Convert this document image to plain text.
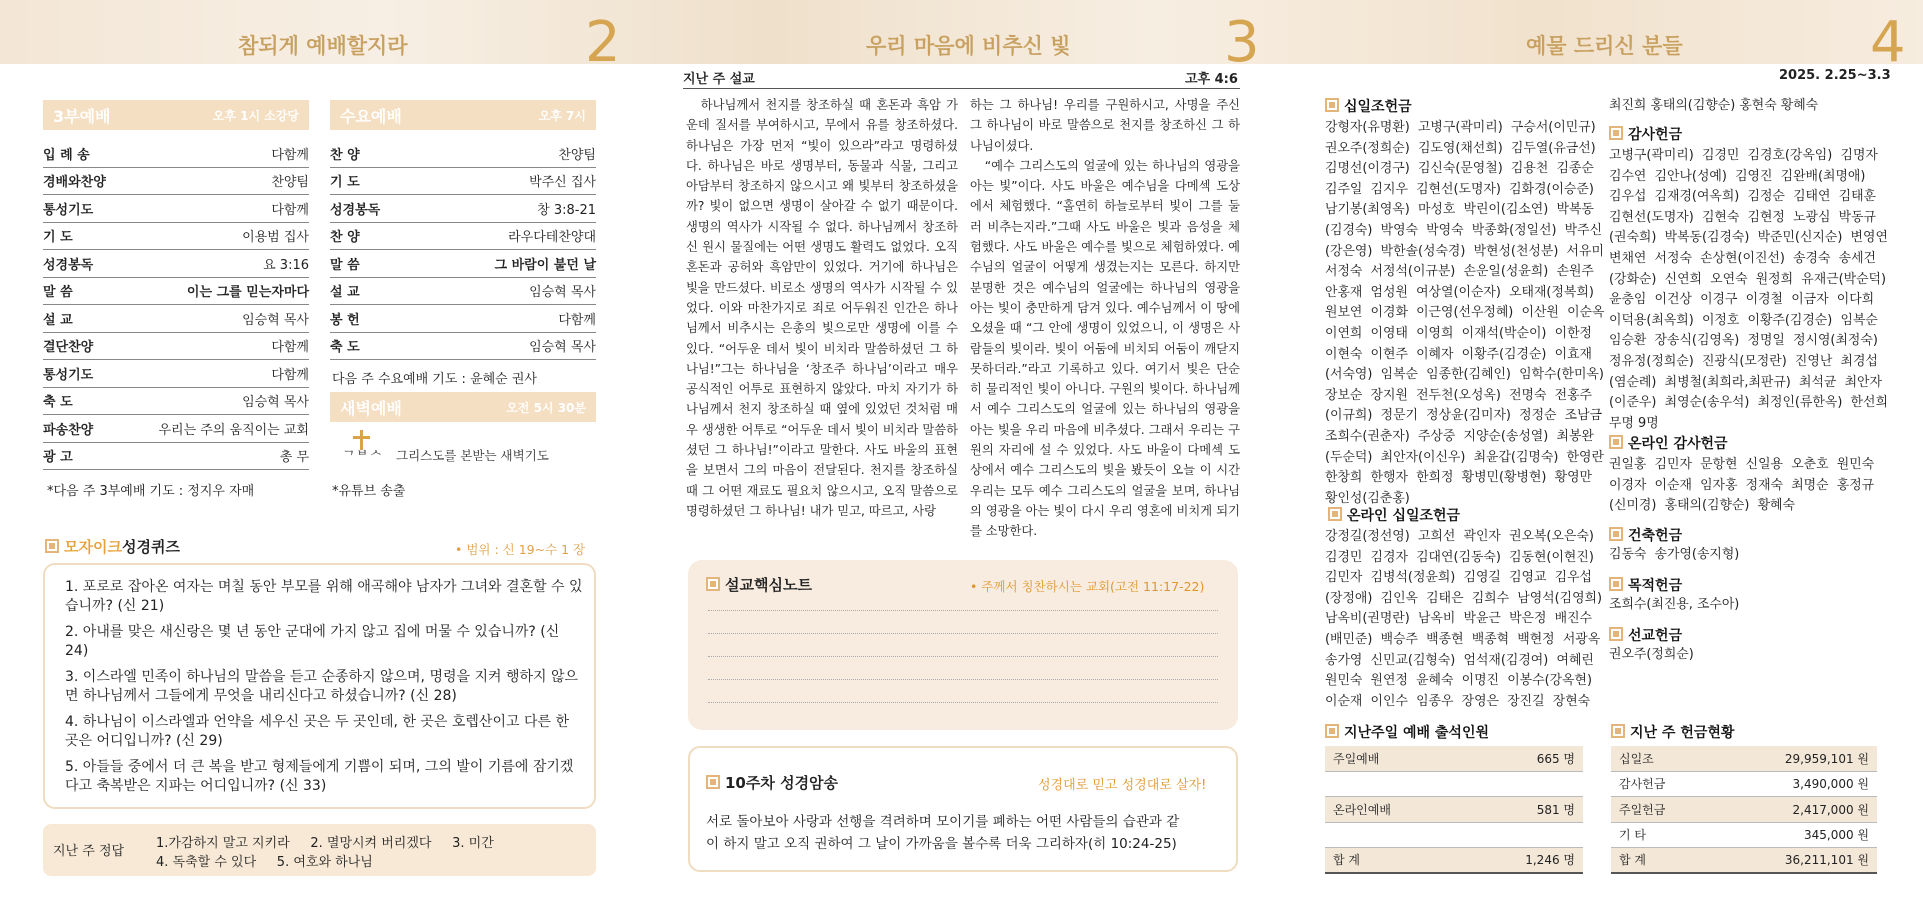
참되게 예배할지라	2	우리 마음에 비추신 빛	3	예물 드리신 분들	4
3부예배	오후 1시 소강당
입 례 송	다함께
경배와찬양	찬양팀
통성기도	다함께
기 도	이용범 집사
성경봉독	요 3:16
말 씀	이는 그를 믿는자마다
설 교	임승혁 목사
결단찬양	다함께
통성기도	다함께
축 도	임승혁 목사
파송찬양	우리는 주의 움직이는 교회
광 고	총 무
*다음 주 3부예배 기도 : 정지우 자매
수요예배	오후 7시
찬 양	찬양팀
기 도	박주신 집사
성경봉독	창 3:8-21
찬 양	라우다테찬양대
말 씀	그 바람이 불던 날
설 교	임승혁 목사
봉 헌	다함께
축 도	임승혁 목사
다음 주 수요예배 기도 : 윤혜순 권사
새벽예배	오전 5시 30분
ᄀᄇᄉ 그리스도를 본받는 새벽기도
*유튜브 송출
모자이크성경퀴즈	• 범위 : 신 19~수 1 장
1. 포로로 잡아온 여자는 며칠 동안 부모를 위해 애곡해야 남자가 그녀와 결혼할 수 있습니까? (신 21)
2. 아내를 맞은 새신랑은 몇 년 동안 군대에 가지 않고 집에 머물 수 있습니까? (신 24)
3. 이스라엘 민족이 하나님의 말씀을 듣고 순종하지 않으며, 명령을 지켜 행하지 않으면 하나님께서 그들에게 무엇을 내리신다고 하셨습니까? (신 28)
4. 하나님이 이스라엘과 언약을 세우신 곳은 두 곳인데, 한 곳은 호렙산이고 다른 한 곳은 어디입니까? (신 29)
5. 아들들 중에서 더 큰 복을 받고 형제들에게 기쁨이 되며, 그의 발이 기름에 잠기겠다고 축복받은 지파는 어디입니까? (신 33)
지난 주 정답
1.가감하지 말고 지키라     2. 멸망시켜 버리겠다     3. 미간
4. 독축할 수 있다     5. 여호와 하나님
지난 주 설교	고후 4:6

하나님께서 천지를 창조하실 때 혼돈과 흑암 가운데 질서를 부여하시고, 무에서 유를 창조하셨다. 하나님은 가장 먼저 “빛이 있으라”라고 명령하셨다. 하나님은 바로 생명부터, 동물과 식물, 그리고 아담부터 창조하지 않으시고 왜 빛부터 창조하셨을까? 빛이 없으면 생명이 살아갈 수 없기 때문이다. 생명의 역사가 시작될 수 없다. 하나님께서 창조하신 원시 물질에는 어떤 생명도 활력도 없었다. 오직 혼돈과 공허와 흑암만이 있었다. 거기에 하나님은 빛을 만드셨다. 비로소 생명의 역사가 시작될 수 있었다. 이와 마찬가지로 죄로 어두워진 인간은 하나님께서 비추시는 은총의 빛으로만 생명에 이를 수 있다. “어두운 데서 빛이 비치라 말씀하셨던 그 하나님!”그는 하나님을 ‘창조주 하나님’이라고 매우 공식적인 어투로 표현하지 않았다. 마치 자기가 하나님께서 천지 창조하실 때 옆에 있었던 것처럼 매우 생생한 어투로 “어두운 데서 빛이 비치라 말씀하셨던 그 하나님!”이라고 말한다. 사도 바울의 표현을 보면서 그의 마음이 전달된다. 천지를 창조하실 때 그 어떤 재료도 필요치 않으시고, 오직 말씀으로 명령하셨던 그 하나님! 내가 믿고, 따르고, 사랑

하는 그 하나님! 우리를 구원하시고, 사명을 주신 그 하나님이 바로 말씀으로 천지를 창조하신 그 하나님이셨다.

“예수 그리스도의 얼굴에 있는 하나님의 영광을 아는 빛”이다. 사도 바울은 예수님을 다메섹 도상에서 체험했다. “홀연히 하늘로부터 빛이 그를 둘러 비추는지라.”그때 사도 바울은 빛과 음성을 체험했다. 사도 바울은 예수를 빛으로 체험하였다. 예수님의 얼굴이 어떻게 생겼는지는 모른다. 하지만 분명한 것은 예수님의 얼굴에는 하나님의 영광을 아는 빛이 충만하게 담겨 있다. 예수님께서 이 땅에 오셨을 때 “그 안에 생명이 있었으니, 이 생명은 사람들의 빛이라. 빛이 어둠에 비치되 어둠이 깨닫지 못하더라.”라고 기록하고 있다. 여기서 빛은 단순히 물리적인 빛이 아니다. 구원의 빛이다. 하나님께서 예수 그리스도의 얼굴에 있는 하나님의 영광을 아는 빛을 우리 마음에 비추셨다. 그래서 우리는 구원의 자리에 설 수 있었다. 사도 바울이 다메섹 도상에서 예수 그리스도의 빛을 봤듯이 오늘 이 시간 우리는 모두 예수 그리스도의 얼굴을 보며, 하나님의 영광을 아는 빛이 다시 우리 영혼에 비치게 되기를 소망한다.

설교핵심노트	• 주께서 칭찬하시는 교회(고전 11:17-22)
10주차 성경암송	성경대로 믿고 성경대로 살자!
서로 돌아보아 사랑과 선행을 격려하며 모이기를 폐하는 어떤 사람들의 습관과 같
이 하지 말고 오직 권하여 그 날이 가까움을 볼수록 더욱 그리하자(히 10:24-25)
2025. 2.25~3.3
십일조헌금
강형자(유명환)  고병구(곽미리)  구승서(이민규)
권오주(정희순)  김도영(채선희)  김두열(유금선)
김명선(이경구)  김신숙(문영철)  김용천  김종순
김주일  김지우  김현선(도명자)  김화경(이승준)
남기봉(최영옥)  마성호  박린이(김소연)  박복동
(김경숙)  박영숙  박영숙  박종화(정일선)  박주신
(강은영)  박한솔(성숙경)  박현성(천성분)  서유미
서정숙  서정석(이규분)  손운일(성윤희)  손원주
안홍재  엄성원  여상열(이순자)  오태재(정복희)
원보연  이경화  이근영(선우정혜)  이산원  이순옥
이연희  이영태  이영희  이재석(박순이)  이한정
이현숙  이현주  이혜자  이황주(김경순)  이효재
(서숙영)  임복순  임종한(김혜인)  임학수(한미옥)
장보순  장지원  전두천(오성옥)  전명숙  전홍주
(이규희)  정문기  정상윤(김미자)  정정순  조남금
조희수(권춘자)  주상중  지양순(송성열)  최봉완
(두순덕)  최안자(이신우)  최윤갑(김명숙)  한영란
한창희  한행자  한희정  황병민(황병현)  황영만
황인성(김춘홍)
온라인 십일조헌금
강정길(정선영)  고희선  곽인자  권오복(오은숙)
김경민  김경자  김대연(김동숙)  김동현(이현진)
김민자  김병석(정윤희)  김영길  김영교  김우섭
(장정애)  김인옥  김태은  김희수  남영석(김영희)
남옥비(권명란)  남옥비  박윤근  박은정  배진수
(배민준)  백승주  백종현  백종혁  백현정  서광옥
송가영  신민교(김형숙)  엄석재(김경여)  여혜린
원민숙  원연정  윤혜숙  이명진  이봉수(강옥현)
이순재  이인수  임종우  장영은  장진길  장현숙
최진희 홍태의(김향순) 홍현숙 황혜숙
감사헌금
고병구(곽미리)  김경민  김경호(강옥임)  김명자
김수연  김안나(성예)  김영진  김완배(최명애)
김우섭  김재경(여옥희)  김정순  김태연  김태훈
김현선(도명자)  김현숙  김현정  노광심  박동규
(권숙희)  박복동(김경숙)  박준민(신지순)  변영연
변채연  서정숙  손상현(이진선)  송경숙  송세건
(강화순)  신연희  오연숙  원정희  유재근(박순덕)
윤충임  이건상  이경구  이경철  이금자  이다희
이덕용(최옥희)  이정호  이황주(김경순)  임복순
임승환  장송식(김영옥)  정명일  정시영(최정숙)
정유정(정희순)  진광식(모정란)  진영난  최경섭
(염순례)  최병철(최희라,최판규)  최석균  최안자
(이준우)  최영순(송우석)  최정인(류한옥)  한선희
무명 9명
온라인 감사헌금
권일홍  김민자  문항현  신일용  오춘호  원민숙
이경자  이순재  임자홍  정재숙  최명순  홍정규
(신미경)  홍태의(김향순)  황혜숙
건축헌금
김동숙  송가영(송지형)
목적헌금
조희수(최진용, 조수아)
선교헌금
권오주(정희순)
지난주일 예배 출석인원
주일예배	665 명
온라인예배	581 명
합 계	1,246 명
지난 주 헌금현황
십일조	29,959,101 원
감사헌금	3,490,000 원
주일헌금	2,417,000 원
기 타	345,000 원
합 계	36,211,101 원
